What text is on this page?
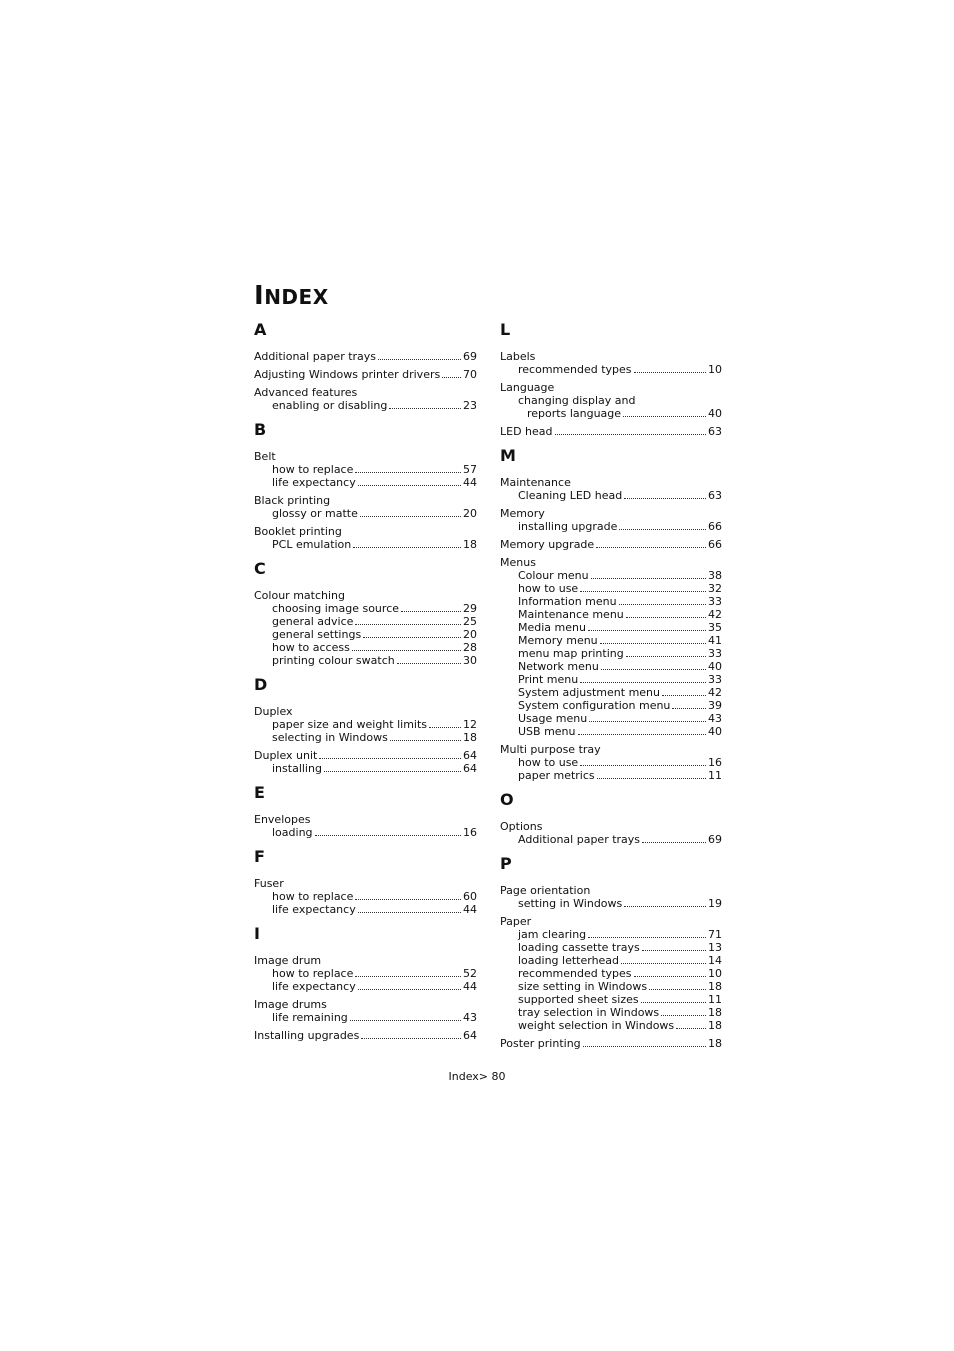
INDEX
A
Additional paper trays	69
Adjusting Windows printer drivers 70
Advanced features
enabling or disabling	23
B
Belt
how to replace	57
life expectancy	44
Black printing
glossy or matte	20
Booklet printing
PCL emulation	18
C
Colour matching
choosing image source	29
general advice	25
general settings	20
how to access	28
printing colour swatch	30
D
Duplex
paper size and weight limits	12
selecting in Windows	18
Duplex unit	64
installing	64
E
Envelopes
loading	16
F
Fuser
how to replace	60
life expectancy	44
I
Image drum
how to replace	52
life expectancy	44
Image drums
life remaining	43
Installing upgrades	64
L
Labels
recommended types	10
Language
changing display and
reports language	40
LED head	63
M
Maintenance
Cleaning LED head	63
Memory
installing upgrade	66
Memory upgrade	66
Menus
Colour menu	38
how to use	32
Information menu	33
Maintenance menu	42
Media menu	35
Memory menu	41
menu map printing	33
Network menu	40
Print menu	33
System adjustment menu	42
System configuration menu	39
Usage menu	43
USB menu	40
Multi purpose tray
how to use	16
paper metrics	11
O
Options
Additional paper trays	69
P
Page orientation
setting in Windows	19
Paper
jam clearing	71
loading cassette trays	13
loading letterhead	14
recommended types	10
size setting in Windows	18
supported sheet sizes	11
tray selection in Windows	18
weight selection in Windows	18
Poster printing	18
Index> 80
